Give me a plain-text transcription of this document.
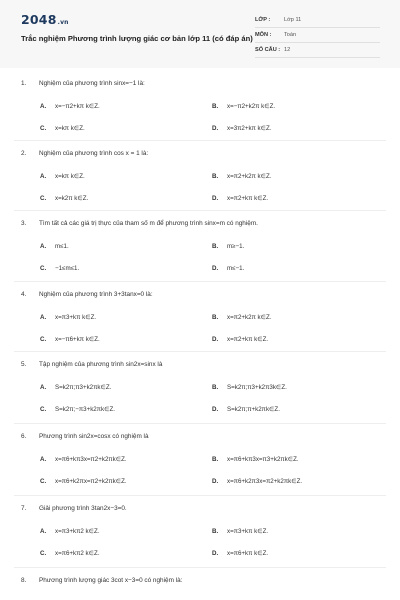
2048.vn
Trắc nghiệm Phương trình lượng giác cơ bản lớp 11 (có đáp án)
LỚP : Lớp 11
MÔN : Toán
SỐ CÂU : 12
1. Nghiệm của phương trình sinx=−1 là:
A. x=−π2+kπ k∈Z.	B. x=−π2+k2π k∈Z.
C. x=kπ k∈Z.	D. x=3π2+kπ k∈Z.
2. Nghiệm của phương trình cos x = 1 là:
A. x=kπ k∈Z.	B. x=π2+k2π k∈Z.
C. x=k2π k∈Z.	D. x=π2+kπ k∈Z.
3. Tìm tất cả các giá trị thực của tham số m để phương trình sinx=m có nghiệm.
A. m≤1.	B. m≥−1.
C. −1≤m≤1.	D. m≤−1.
4. Nghiệm của phương trình 3+3tanx=0 là:
A. x=π3+kπ k∈Z.	B. x=π2+k2π k∈Z.
C. x=−π6+kπ k∈Z.	D. x=π2+kπ k∈Z.
5. Tập nghiệm của phương trình sin2x=sinx là
A. S=k2π;π3+k2πk∈Z.	B. S=k2π;π3+k2π3k∈Z.
C. S=k2π;−π3+k2πk∈Z.	D. S=k2π;π+k2πk∈Z.
6. Phương trình sin2x=cosx có nghiệm là
A. x=π6+kπ3x=π2+k2πk∈Z.	B. x=π6+kπ3x=π3+k2πk∈Z.
C. x=π6+k2πx=π2+k2πk∈Z.	D. x=π6+k2π3x=π2+k2πk∈Z.
7. Giải phương trình 3tan2x−3=0.
A. x=π3+kπ2 k∈Z.	B. x=π3+kπ k∈Z.
C. x=π6+kπ2 k∈Z.	D. x=π6+kπ k∈Z.
8. Phương trình lượng giác 3cot x−3=0 có nghiệm là:
